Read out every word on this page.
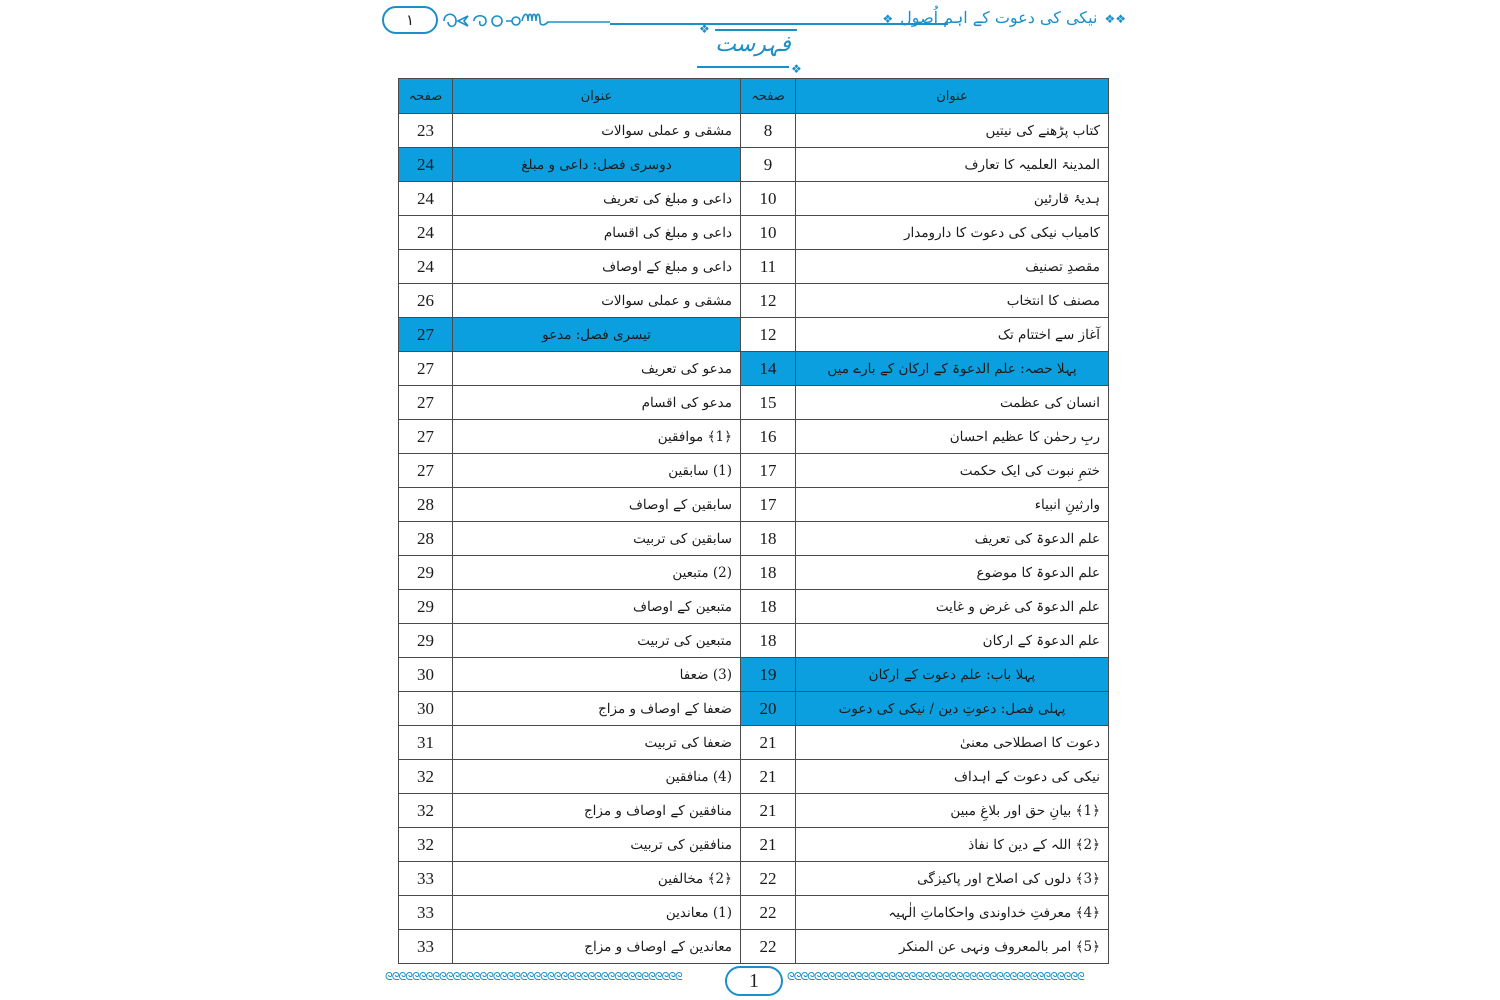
۱	❖❖ نیکی کی دعوت کے اہم اُصول ❖
❖
فہرست
❖
صفحہ	عنوان	صفحہ	عنوان
23	مشقی و عملی سوالات	8	کتاب پڑھنے کی نیتیں
24	دوسری فصل: داعی و مبلغ	9	المدینۃ العلمیہ کا تعارف
24	داعی و مبلغ کی تعریف	10	ہدیۂ قارئین
24	داعی و مبلغ کی اقسام	10	کامیاب نیکی کی دعوت کا دارومدار
24	داعی و مبلغ کے اوصاف	11	مقصدِ تصنیف
26	مشقی و عملی سوالات	12	مصنف کا انتخاب
27	تیسری فصل: مدعو	12	آغاز سے اختتام تک
27	مدعو کی تعریف	14	پہلا حصہ: علم الدعوۃ کے ارکان کے بارے میں
27	مدعو کی اقسام	15	انسان کی عظمت
27	﴿1﴾ موافقین	16	ربِ رحمٰن کا عظیم احسان
27	(1) سابقین	17	ختمِ نبوت کی ایک حکمت
28	سابقین کے اوصاف	17	وارثینِ انبیاء
28	سابقین کی تربیت	18	علم الدعوۃ کی تعریف
29	(2) متبعین	18	علم الدعوۃ کا موضوع
29	متبعین کے اوصاف	18	علم الدعوۃ کی غرض و غایت
29	متبعین کی تربیت	18	علم الدعوۃ کے ارکان
30	(3) ضعفا	19	پہلا باب: علم دعوت کے ارکان
30	ضعفا کے اوصاف و مزاج	20	پہلی فصل: دعوتِ دین / نیکی کی دعوت
31	ضعفا کی تربیت	21	دعوت کا اصطلاحی معنیٰ
32	(4) منافقین	21	نیکی کی دعوت کے اہداف
32	منافقین کے اوصاف و مزاج	21	﴿1﴾ بیانِ حق اور بلاغِ مبین
32	منافقین کی تربیت	21	﴿2﴾ اللہ کے دین کا نفاذ
33	﴿2﴾ مخالفین	22	﴿3﴾ دلوں کی اصلاح اور پاکیزگی
33	(1) معاندین	22	﴿4﴾ معرفتِ خداوندی واحکاماتِ الٰہیہ
33	معاندین کے اوصاف و مزاج	22	﴿5﴾ امر بالمعروف ونہی عن المنکر
ᘓᘓᘓᘓᘓᘓᘓᘓᘓᘓᘓᘓᘓᘓᘓᘓᘓᘓᘓᘓᘓᘓᘓᘓᘓᘓᘓᘓᘓᘓᘓᘓᘓᘓᘓᘓᘓᘓᘓᘓᘓᘓᘓᘓ	1	ᘓᘓᘓᘓᘓᘓᘓᘓᘓᘓᘓᘓᘓᘓᘓᘓᘓᘓᘓᘓᘓᘓᘓᘓᘓᘓᘓᘓᘓᘓᘓᘓᘓᘓᘓᘓᘓᘓᘓᘓᘓᘓᘓᘓ
